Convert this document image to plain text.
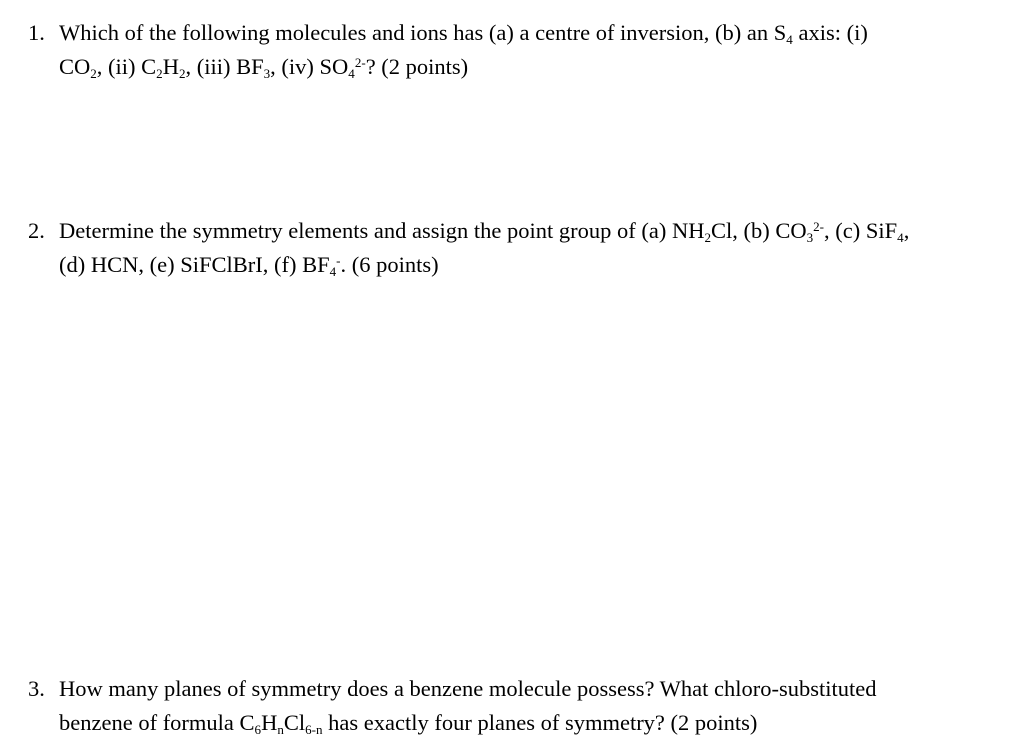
1. Which of the following molecules and ions has (a) a centre of inversion, (b) an $S_4$ axis: (i)
$CO_2$, (ii) $C_2H_2$, (iii) $BF_3$, (iv) $SO_4^{2-}$? (2 points)
2. Determine the symmetry elements and assign the point group of (a) $NH_2Cl$, (b) $CO_3^{2-}$, (c) SiF$_4$,
(d) HCN, (e) SiFClBrI, (f) $BF_4^-$. (6 points)
3. How many planes of symmetry does a benzene molecule possess? What chloro-substituted
benzene of formula $C_6H_nCl_{6-n}$ has exactly four planes of symmetry? (2 points)
